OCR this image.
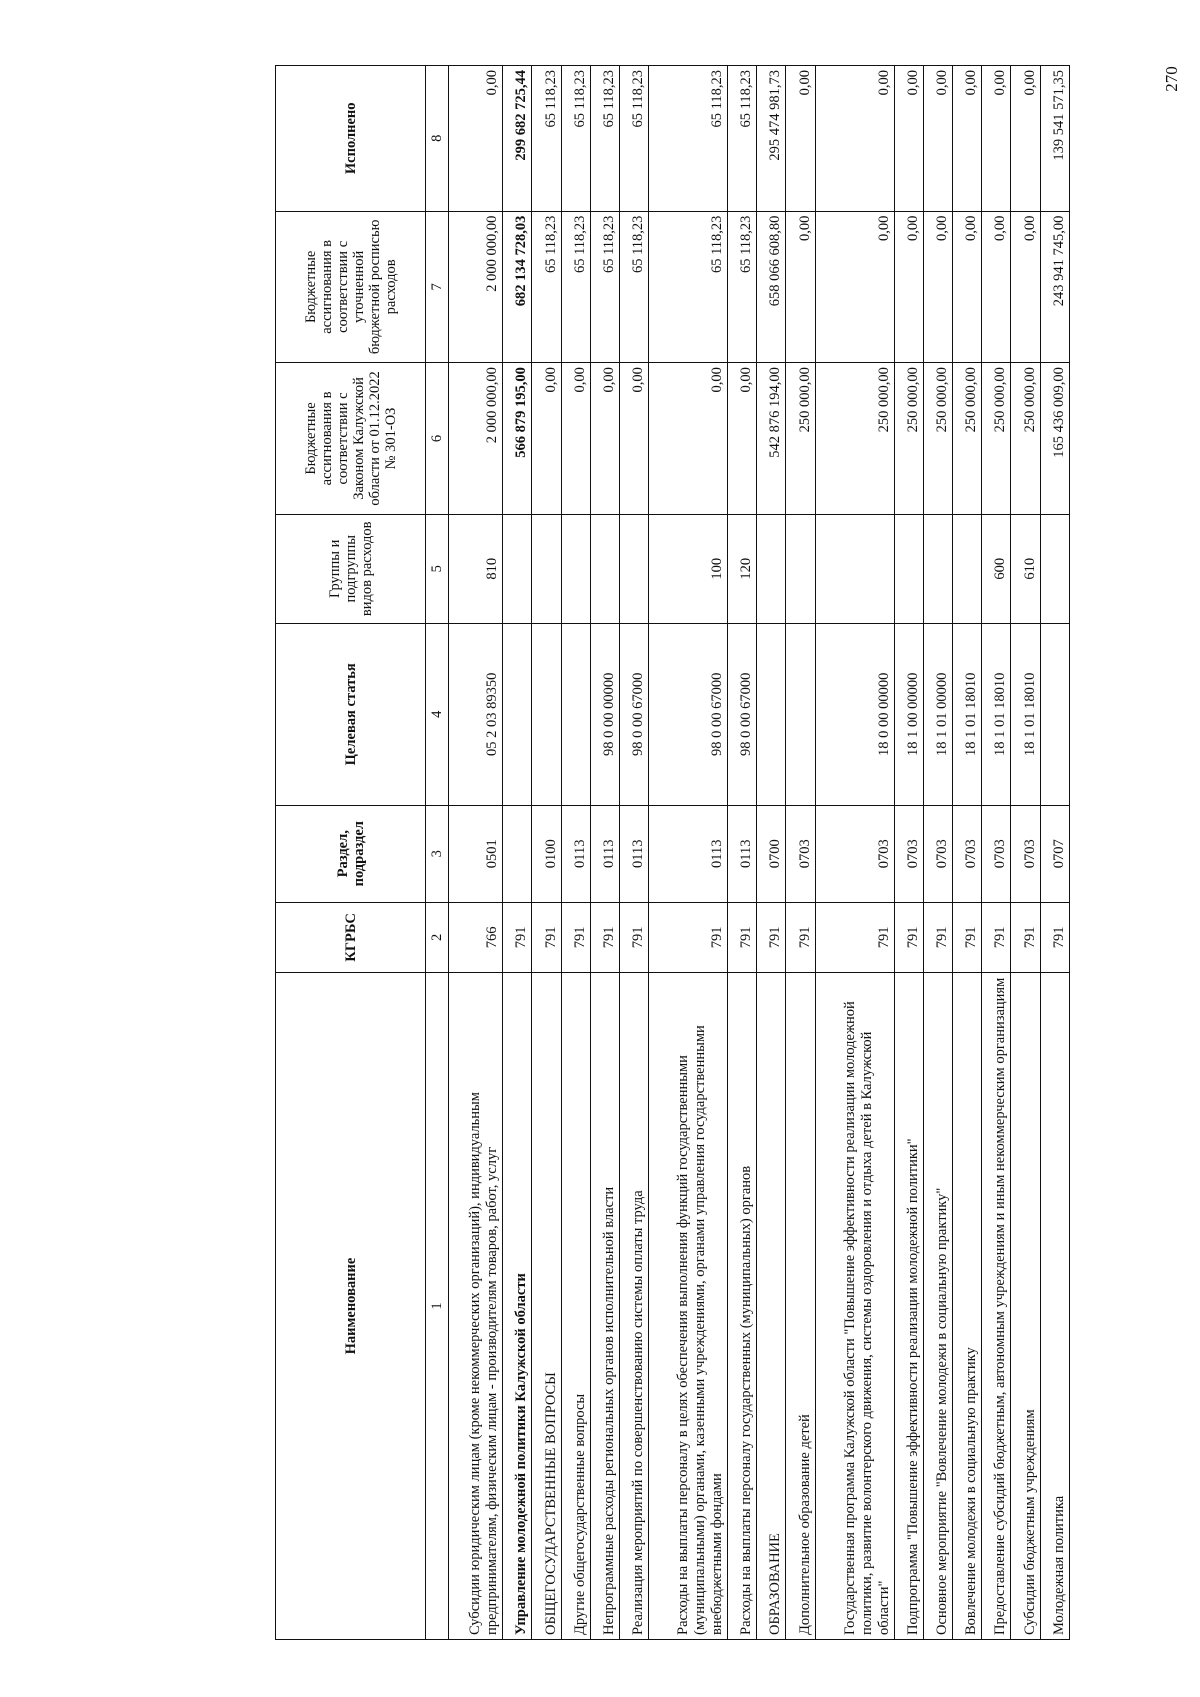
270
Наименование	КГРБС	Раздел, подраздел	Целевая статья	Группы и подгруппы видов расходов	Бюджетные ассигнования в соответствии с Законом Калужской области от 01.12.2022 № 301-ОЗ	Бюджетные ассигнования в соответствии с уточненной бюджетной росписью расходов	Исполнено
1	2	3	4	5	6	7	8
Субсидии юридическим лицам (кроме некоммерческих организаций), индивидуальным предпринимателям, физическим лицам - производителям товаров, работ, услуг	766	0501	05 2 03 89350	810	2 000 000,00	2 000 000,00	0,00
Управление молодежной политики Калужской области	791				566 879 195,00	682 134 728,03	299 682 725,44
ОБЩЕГОСУДАРСТВЕННЫЕ ВОПРОСЫ	791	0100			0,00	65 118,23	65 118,23
Другие общегосударственные вопросы	791	0113			0,00	65 118,23	65 118,23
Непрограммные расходы региональных органов исполнительной власти	791	0113	98 0 00 00000		0,00	65 118,23	65 118,23
Реализация мероприятий по совершенствованию системы оплаты труда	791	0113	98 0 00 67000		0,00	65 118,23	65 118,23
Расходы на выплаты персоналу в целях обеспечения выполнения функций государственными (муниципальными) органами, казенными учреждениями, органами управления государственными внебюджетными фондами	791	0113	98 0 00 67000	100	0,00	65 118,23	65 118,23
Расходы на выплаты персоналу государственных (муниципальных) органов	791	0113	98 0 00 67000	120	0,00	65 118,23	65 118,23
ОБРАЗОВАНИЕ	791	0700			542 876 194,00	658 066 608,80	295 474 981,73
Дополнительное образование детей	791	0703			250 000,00	0,00	0,00
Государственная программа Калужской области "Повышение эффективности реализации молодежной политики, развитие волонтерского движения, системы оздоровления и отдыха детей в Калужской области"	791	0703	18 0 00 00000		250 000,00	0,00	0,00
Подпрограмма "Повышение эффективности реализации молодежной политики"	791	0703	18 1 00 00000		250 000,00	0,00	0,00
Основное мероприятие "Вовлечение молодежи в социальную практику"	791	0703	18 1 01 00000		250 000,00	0,00	0,00
Вовлечение молодежи в социальную практику	791	0703	18 1 01 18010		250 000,00	0,00	0,00
Предоставление субсидий бюджетным, автономным учреждениям и иным некоммерческим организациям	791	0703	18 1 01 18010	600	250 000,00	0,00	0,00
Субсидии бюджетным учреждениям	791	0703	18 1 01 18010	610	250 000,00	0,00	0,00
Молодежная политика	791	0707			165 436 009,00	243 941 745,00	139 541 571,35
